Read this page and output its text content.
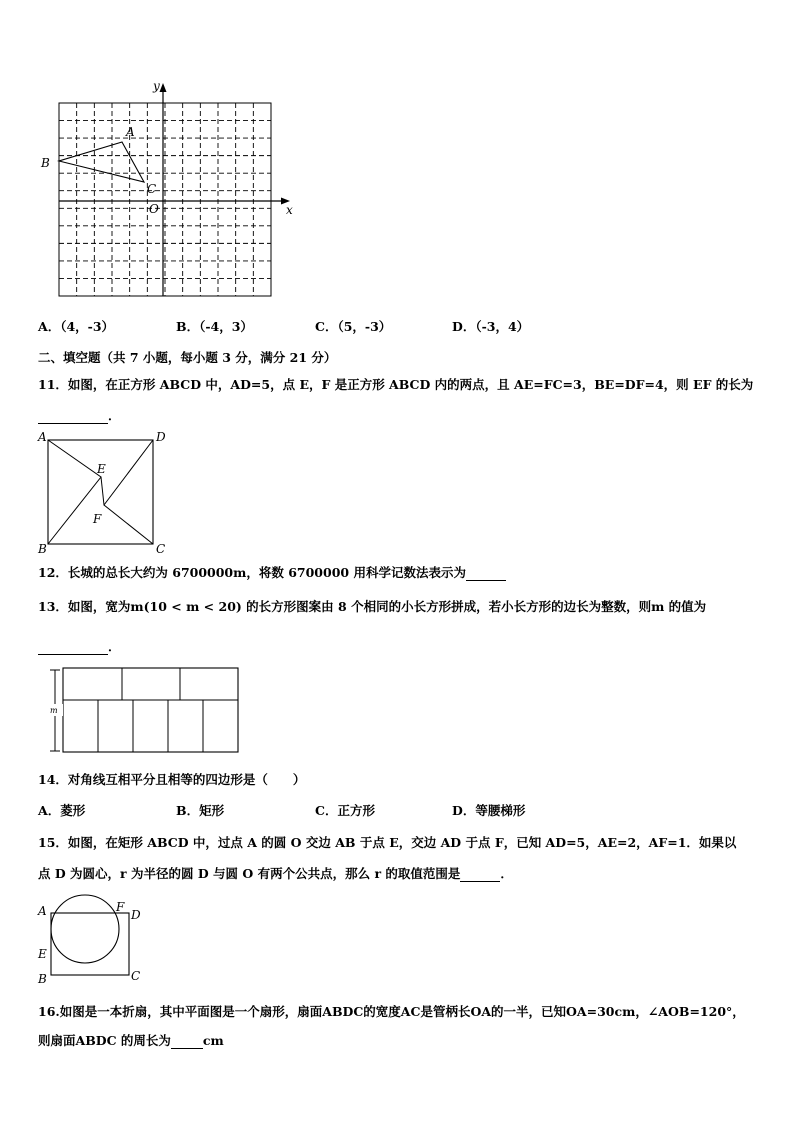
A
B
C
O	x
y
A．（4，-3）	B．（-4，3）	C．（5，-3）	D．（-3，4）
二、填空题（共 7 小题，每小题 3 分，满分 21 分）
11．如图，在正方形 ABCD 中，AD=5，点 E，F 是正方形 ABCD 内的两点，且 AE=FC=3，BE=DF=4，则 EF 的长为
．
A	D
B	C
E
F
12．长城的总长大约为 6700000m，将数 6700000 用科学记数法表示为
13．如图，宽为m(10 < m < 20) 的长方形图案由 8 个相同的小长方形拼成，若小长方形的边长为整数，则m 的值为
．
m
14．对角线互相平分且相等的四边形是（　　）
A．菱形	B．矩形	C．正方形	D．等腰梯形
15．如图，在矩形 ABCD 中，过点 A 的圆 O 交边 AB 于点 E，交边 AD 于点 F，已知 AD=5，AE=2，AF=1．如果以
点 D 为圆心，r 为半径的圆 D 与圆 O 有两个公共点，那么 r 的取值范围是	．
A	F
D
E
B	C
16.如图是一本折扇，其中平面图是一个扇形，扇面ABDC的宽度AC是管柄长OA的一半，已知OA=30cm，∠AOB=120°，
则扇面ABDC 的周长为	cm
